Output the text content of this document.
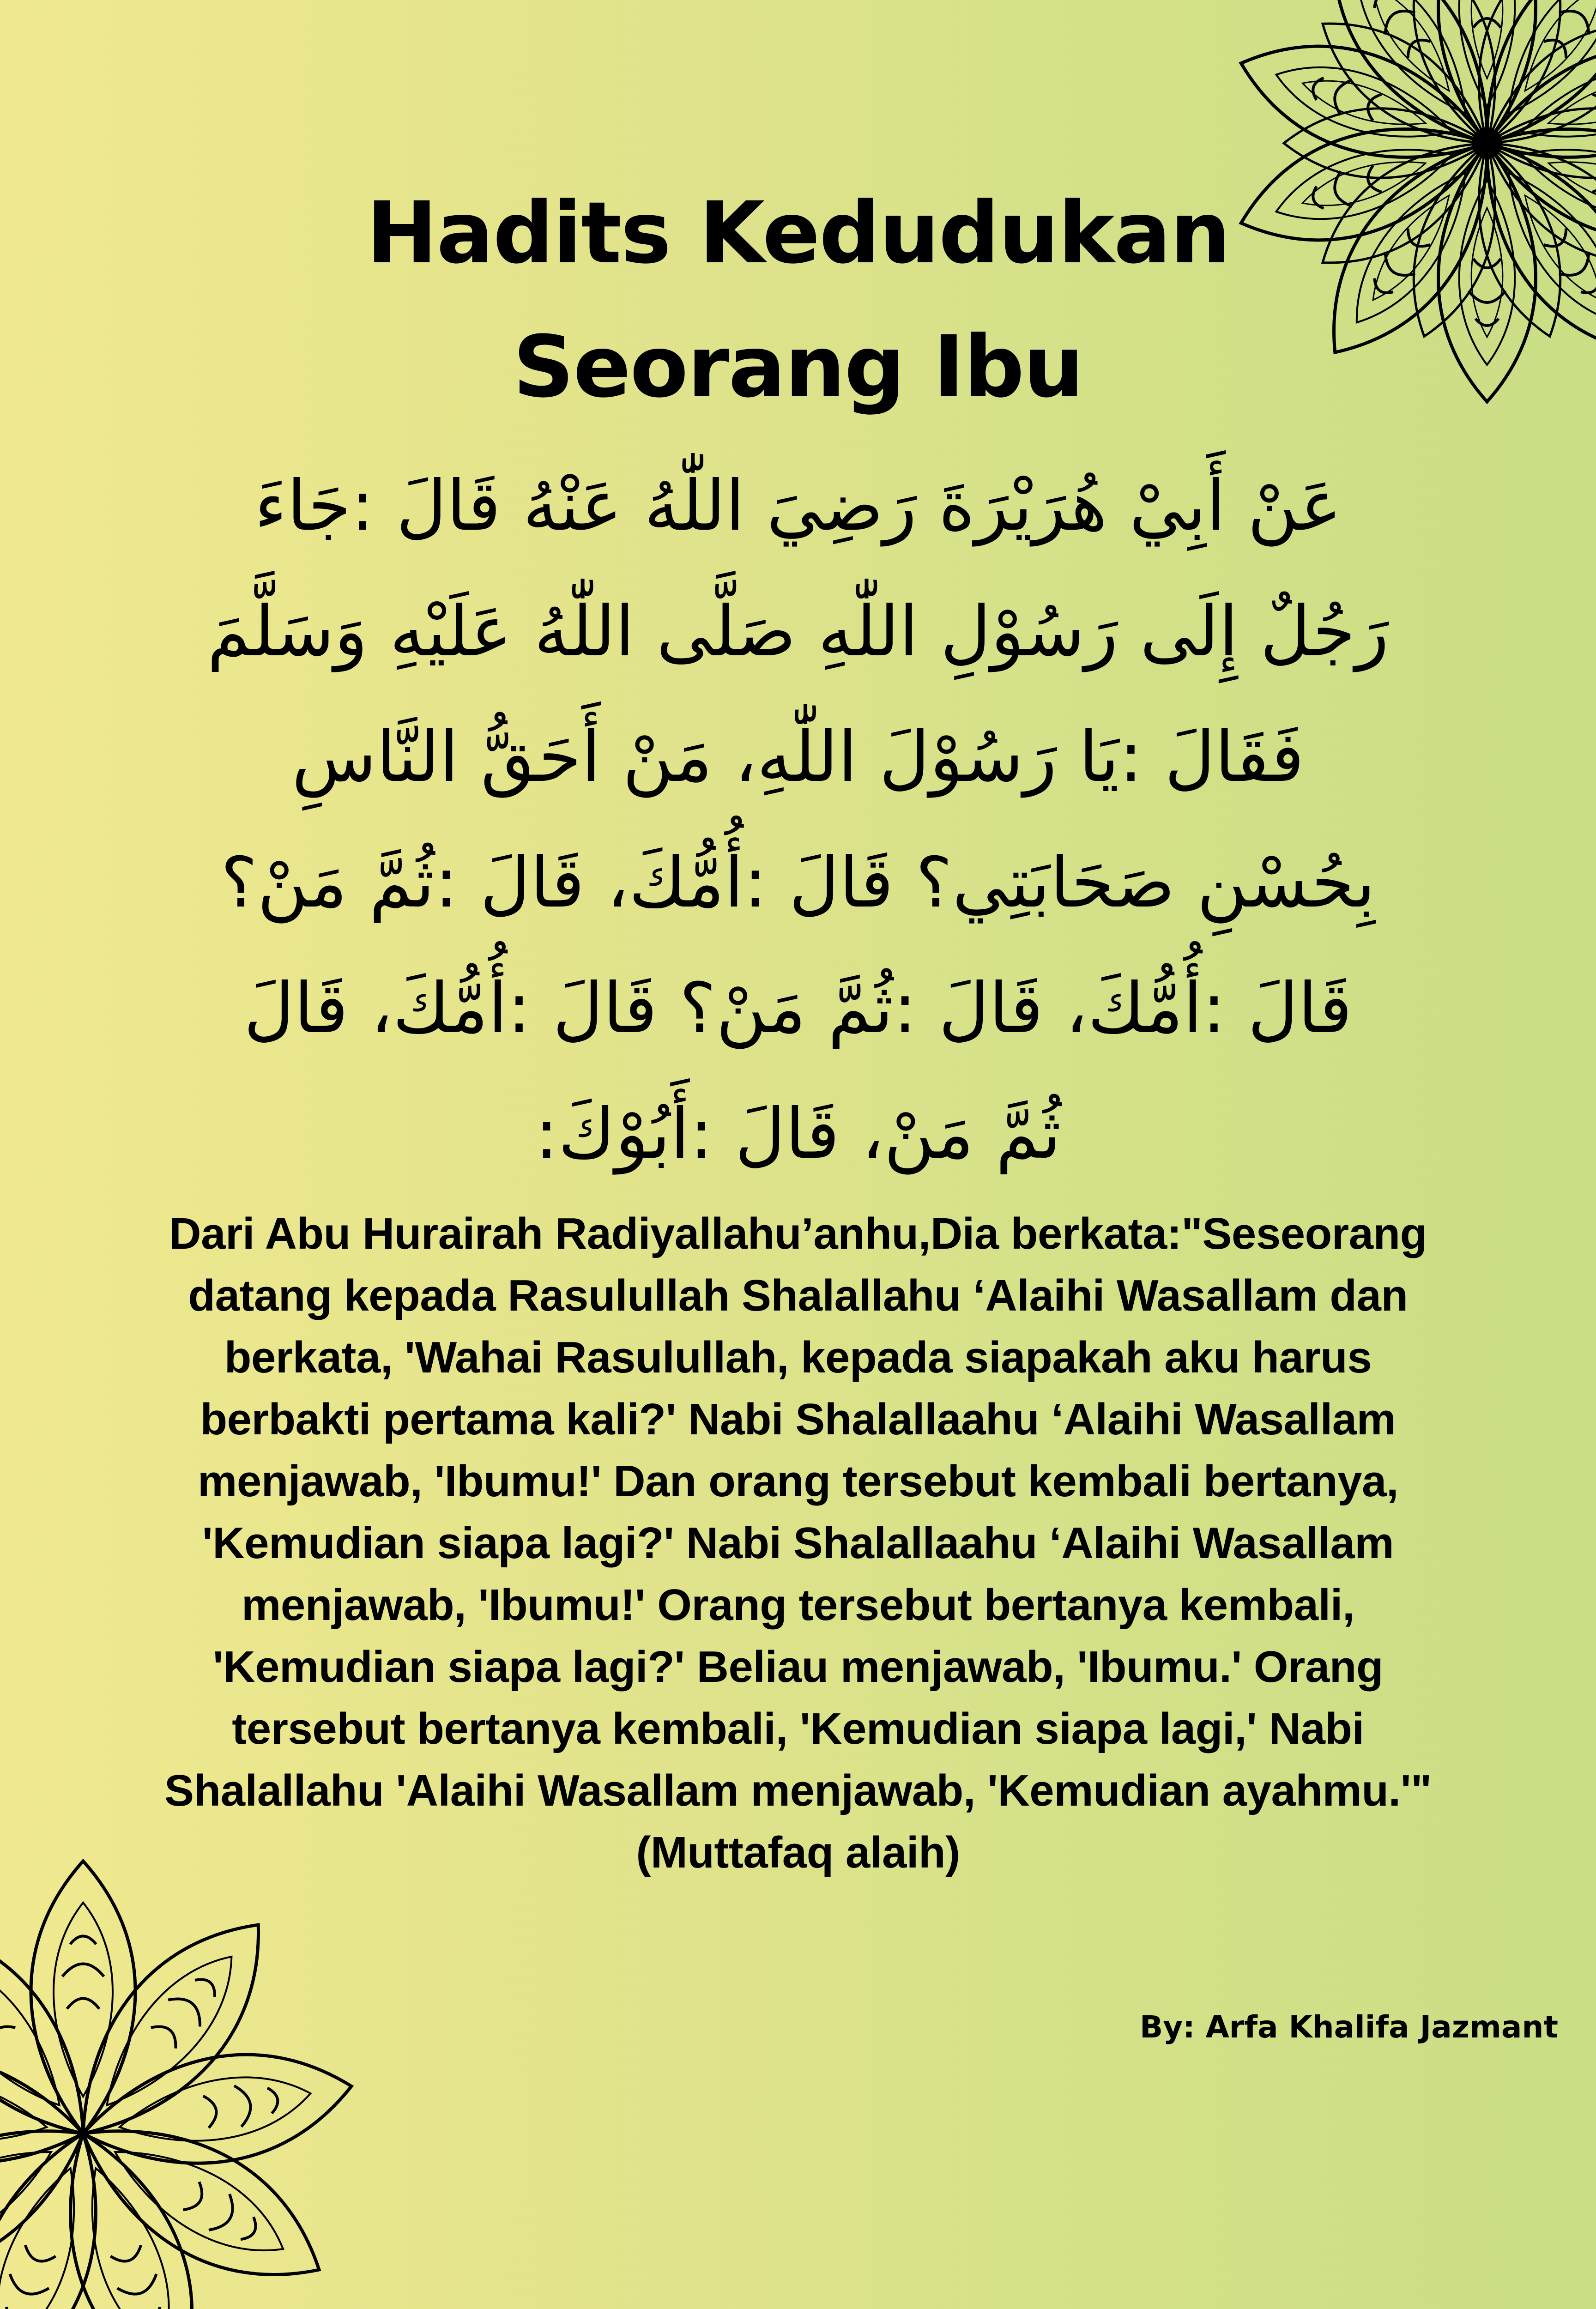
Hadits Kedudukan
Seorang Ibu
عَنْ أَبِيْ هُرَيْرَةَ رَضِيَ اللّٰهُ عَنْهُ قَالَ :جَاءَ
رَجُلٌ إِلَى رَسُوْلِ اللّٰهِ صَلَّى اللّٰهُ عَلَيْهِ وَسَلَّمَ
فَقَالَ :يَا رَسُوْلَ اللّٰهِ، مَنْ أَحَقُّ النَّاسِ
بِحُسْنِ صَحَابَتِي؟ قَالَ :أُمُّكَ، قَالَ :ثُمَّ مَنْ؟
قَالَ :أُمُّكَ، قَالَ :ثُمَّ مَنْ؟ قَالَ :أُمُّكَ، قَالَ
ثُمَّ مَنْ، قَالَ :أَبُوْكَ:
Dari Abu Hurairah Radiyallahu’anhu,Dia berkata:"Seseorang
datang kepada Rasulullah Shalallahu ‘Alaihi Wasallam dan
berkata, 'Wahai Rasulullah, kepada siapakah aku harus
berbakti pertama kali?' Nabi Shalallaahu ‘Alaihi Wasallam
menjawab, 'Ibumu!' Dan orang tersebut kembali bertanya,
'Kemudian siapa lagi?' Nabi Shalallaahu ‘Alaihi Wasallam
menjawab, 'Ibumu!' Orang tersebut bertanya kembali,
'Kemudian siapa lagi?' Beliau menjawab, 'Ibumu.' Orang
tersebut bertanya kembali, 'Kemudian siapa lagi,' Nabi
Shalallahu 'Alaihi Wasallam menjawab, 'Kemudian ayahmu.'"
(Muttafaq alaih)
By: Arfa Khalifa Jazmant
